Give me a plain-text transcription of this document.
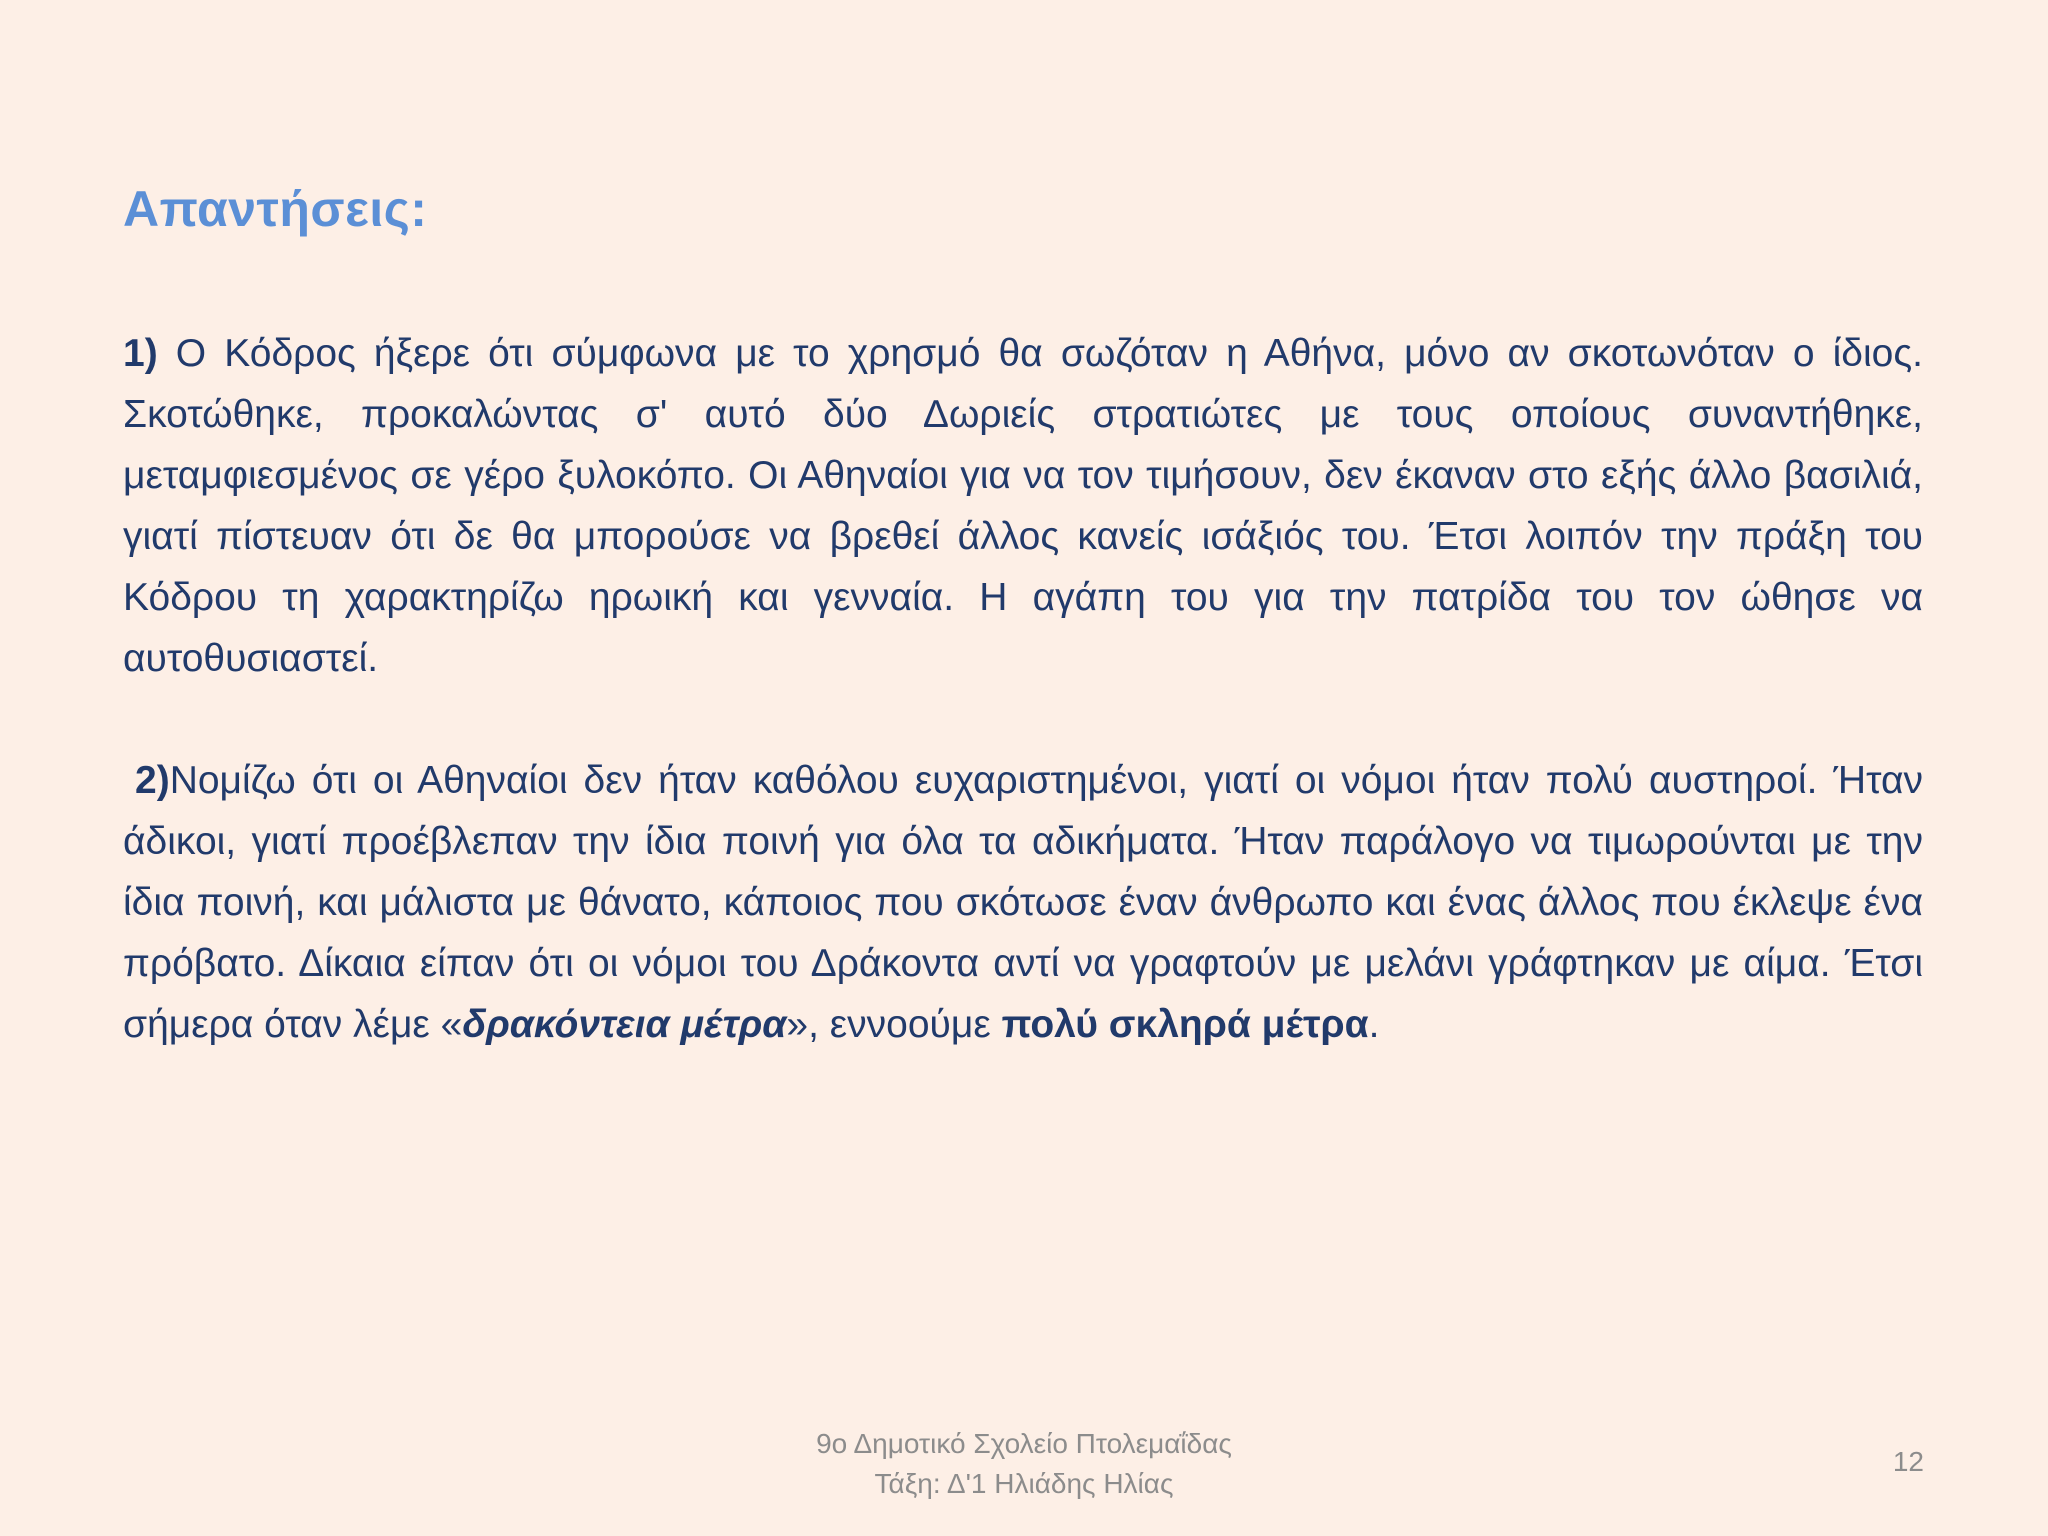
Απαντήσεις:

1) Ο Κόδρος ήξερε ότι σύμφωνα με το χρησμό θα σωζόταν η Αθήνα, μόνο αν σκοτωνόταν ο ίδιος. Σκοτώθηκε, προκαλώντας σ' αυτό δύο Δωριείς στρατιώτες με τους οποίους συναντήθηκε, μεταμφιεσμένος σε γέρο ξυλοκόπο. Οι Αθηναίοι για να τον τιμήσουν, δεν έκαναν στο εξής άλλο βασιλιά, γιατί πίστευαν ότι δε θα μπορούσε να βρεθεί άλλος κανείς ισάξιός του. Έτσι λοιπόν την πράξη του Κόδρου τη χαρακτηρίζω ηρωική και γενναία. Η αγάπη του για την πατρίδα του τον ώθησε να αυτοθυσιαστεί.

2)Νομίζω ότι οι Αθηναίοι δεν ήταν καθόλου ευχαριστημένοι, γιατί οι νόμοι ήταν πολύ αυστηροί. Ήταν άδικοι, γιατί προέβλεπαν την ίδια ποινή για όλα τα αδικήματα. Ήταν παράλογο να τιμωρούνται με την ίδια ποινή, και μάλιστα με θάνατο, κάποιος που σκότωσε έναν άνθρωπο και ένας άλλος που έκλεψε ένα πρόβατο. Δίκαια είπαν ότι οι νόμοι του Δράκοντα αντί να γραφτούν με μελάνι γράφτηκαν με αίμα. Έτσι σήμερα όταν λέμε «δρακόντεια μέτρα», εννοούμε πολύ σκληρά μέτρα.

9ο Δημοτικό Σχολείο Πτολεμαΐδας
Τάξη: Δ'1 Ηλιάδης Ηλίας
12
